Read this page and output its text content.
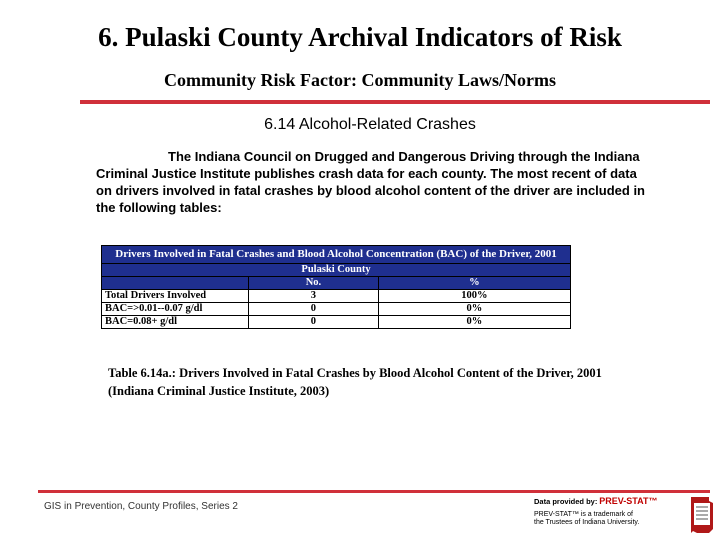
6. Pulaski County Archival Indicators of Risk
Community Risk Factor: Community Laws/Norms
6.14 Alcohol-Related Crashes
The Indiana Council on Drugged and Dangerous Driving through the Indiana Criminal Justice Institute publishes crash data for each county. The most recent of data on drivers involved in fatal crashes by blood alcohol content of the driver are included in the following tables:
Drivers Involved in Fatal Crashes and Blood Alcohol Concentration (BAC) of the Driver, 2001		
Pulaski County		
	No.	%
Total Drivers Involved	3	100%
BAC=>0.01--0.07 g/dl	0	0%
BAC=0.08+ g/dl	0	0%
Table 6.14a.: Drivers Involved in Fatal Crashes by Blood Alcohol Content of the Driver, 2001 (Indiana Criminal Justice Institute, 2003)
GIS in Prevention, County Profiles, Series 2	Data provided by: PREV-STAT™
PREV-STAT™ is a trademark of
the Trustees of Indiana University.
